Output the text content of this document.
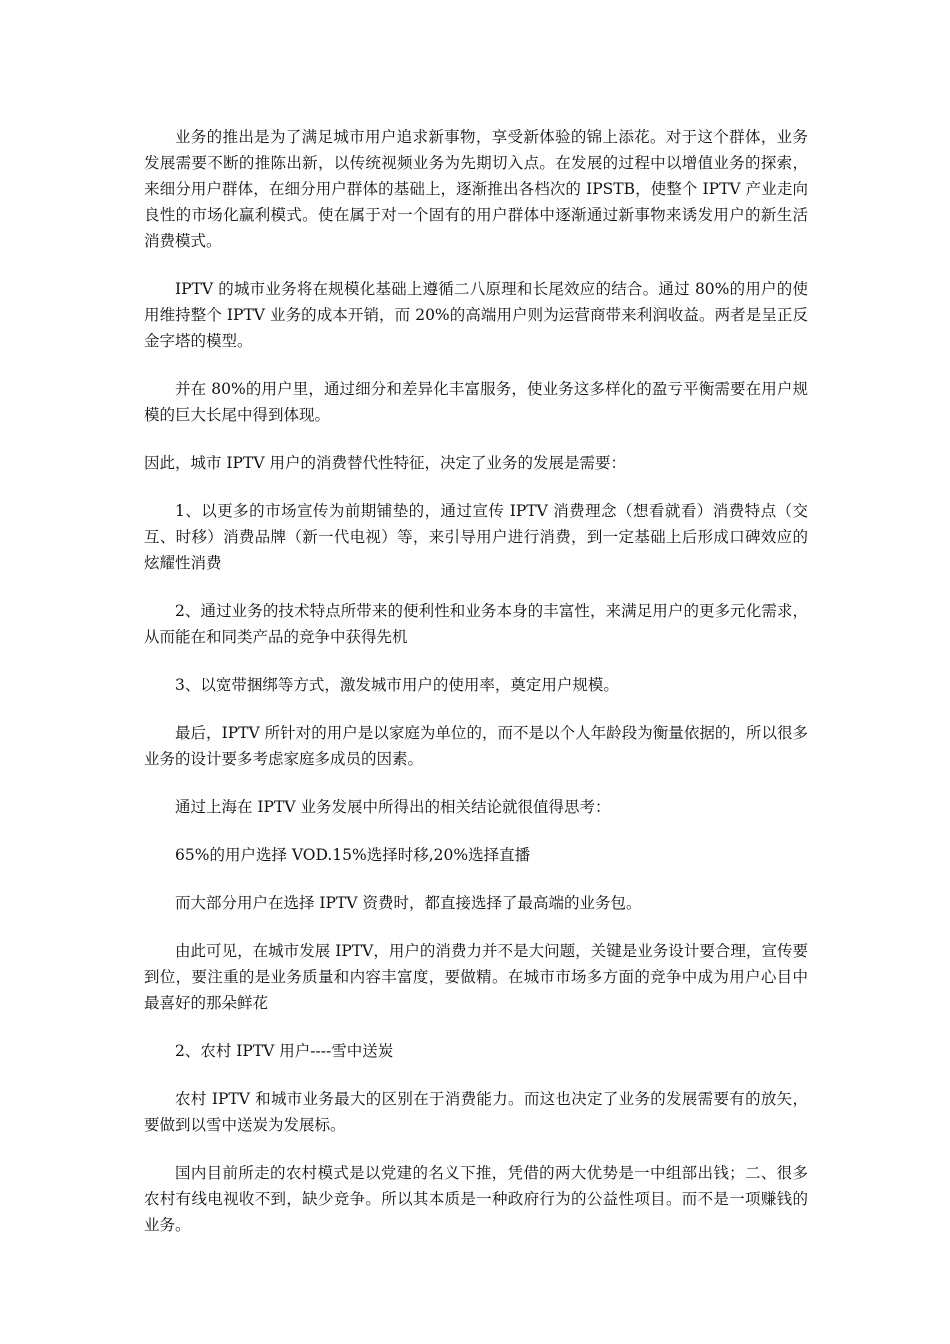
业务的推出是为了满足城市用户追求新事物，享受新体验的锦上添花。对于这个群体，业务发展需要不断的推陈出新，以传统视频业务为先期切入点。在发展的过程中以增值业务的探索，来细分用户群体，在细分用户群体的基础上，逐渐推出各档次的 IPSTB，使整个 IPTV 产业走向良性的市场化赢利模式。使在属于对一个固有的用户群体中逐渐通过新事物来诱发用户的新生活消费模式。

IPTV 的城市业务将在规模化基础上遵循二八原理和长尾效应的结合。通过 80%的用户的使用维持整个 IPTV 业务的成本开销，而 20%的高端用户则为运营商带来利润收益。两者是呈正反金字塔的模型。

并在 80%的用户里，通过细分和差异化丰富服务，使业务这多样化的盈亏平衡需要在用户规模的巨大长尾中得到体现。

因此，城市 IPTV 用户的消费替代性特征，决定了业务的发展是需要：

1、以更多的市场宣传为前期铺垫的，通过宣传 IPTV 消费理念（想看就看）消费特点（交互、时移）消费品牌（新一代电视）等，来引导用户进行消费，到一定基础上后形成口碑效应的炫耀性消费

2、通过业务的技术特点所带来的便利性和业务本身的丰富性，来满足用户的更多元化需求，从而能在和同类产品的竞争中获得先机

3、以宽带捆绑等方式，激发城市用户的使用率，奠定用户规模。

最后，IPTV 所针对的用户是以家庭为单位的，而不是以个人年龄段为衡量依据的，所以很多业务的设计要多考虑家庭多成员的因素。

通过上海在 IPTV 业务发展中所得出的相关结论就很值得思考：

65%的用户选择 VOD.15%选择时移,20%选择直播

而大部分用户在选择 IPTV 资费时，都直接选择了最高端的业务包。

由此可见，在城市发展 IPTV，用户的消费力并不是大问题，关键是业务设计要合理，宣传要到位，要注重的是业务质量和内容丰富度，要做精。在城市市场多方面的竞争中成为用户心目中最喜好的那朵鲜花

2、农村 IPTV 用户----雪中送炭

农村 IPTV 和城市业务最大的区别在于消费能力。而这也决定了业务的发展需要有的放矢，要做到以雪中送炭为发展标。

国内目前所走的农村模式是以党建的名义下推，凭借的两大优势是一中组部出钱；二、很多农村有线电视收不到，缺少竞争。所以其本质是一种政府行为的公益性项目。而不是一项赚钱的业务。
